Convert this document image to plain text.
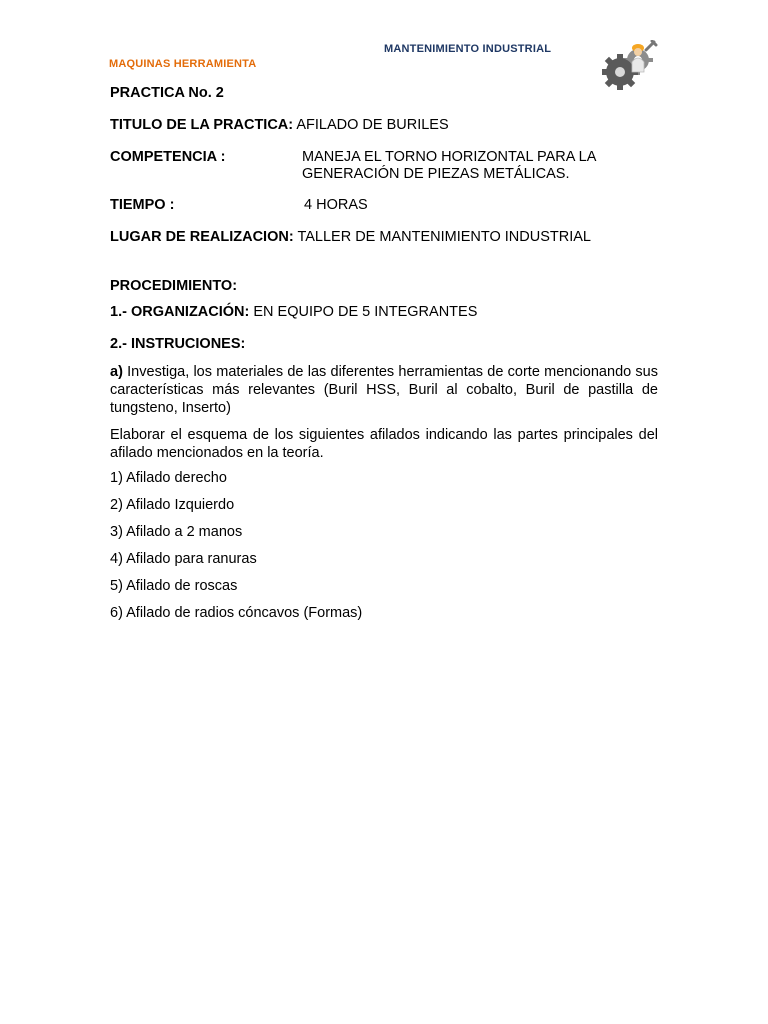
MANTENIMIENTO INDUSTRIAL
MAQUINAS HERRAMIENTA
PRACTICA No. 2
TITULO DE LA PRACTICA: AFILADO DE BURILES
COMPETENCIA :	MANEJA EL TORNO HORIZONTAL PARA LA
GENERACIÓN DE PIEZAS METÁLICAS.
TIEMPO :	4 HORAS
LUGAR DE REALIZACION: TALLER DE MANTENIMIENTO INDUSTRIAL
PROCEDIMIENTO:
1.- ORGANIZACIÓN: EN EQUIPO DE 5 INTEGRANTES
2.- INSTRUCIONES:
a) Investiga, los materiales de las diferentes herramientas de corte mencionando sus características más relevantes (Buril HSS, Buril al cobalto, Buril de pastilla de tungsteno, Inserto)
Elaborar el esquema de los siguientes afilados indicando las partes principales del afilado mencionados en la teoría.
1) Afilado derecho
2) Afilado Izquierdo
3) Afilado a 2 manos
4) Afilado para ranuras
5) Afilado de roscas
6) Afilado de radios cóncavos (Formas)
